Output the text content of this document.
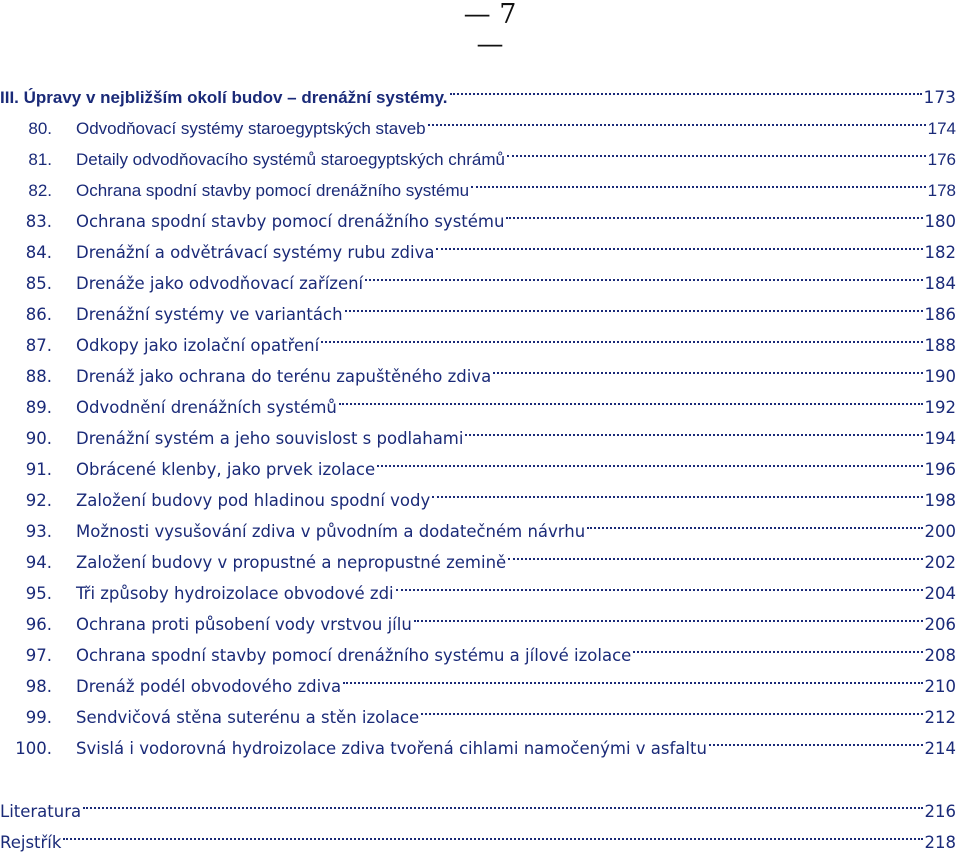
— 7 —
III. Úpravy v nejbližším okolí budov – drenážní systémy.	173
80.	Odvodňovací systémy staroegyptských staveb	174
81.	Detaily odvodňovacího systémů staroegyptských chrámů	176
82.	Ochrana spodní stavby pomocí drenážního systému	178
83.	Ochrana spodní stavby pomocí drenážního systému	180
84.	Drenážní a odvětrávací systémy rubu zdiva	182
85.	Drenáže jako odvodňovací zařízení	184
86.	Drenážní systémy ve variantách	186
87.	Odkopy jako izolační opatření	188
88.	Drenáž jako ochrana do terénu zapuštěného zdiva	190
89.	Odvodnění drenážních systémů	192
90.	Drenážní systém a jeho souvislost s podlahami	194
91.	Obrácené klenby, jako prvek izolace	196
92.	Založení budovy pod hladinou spodní vody	198
93.	Možnosti vysušování zdiva v původním a dodatečném návrhu	200
94.	Založení budovy v propustné a nepropustné zemině	202
95.	Tři způsoby hydroizolace obvodové zdi	204
96.	Ochrana proti působení vody vrstvou jílu	206
97.	Ochrana spodní stavby pomocí drenážního systému a jílové izolace	208
98.	Drenáž podél obvodového zdiva	210
99.	Sendvičová stěna suterénu a stěn izolace	212
100.	Svislá i vodorovná hydroizolace zdiva tvořená cihlami namočenými v asfaltu	214
Literatura	216
Rejstřík	218
